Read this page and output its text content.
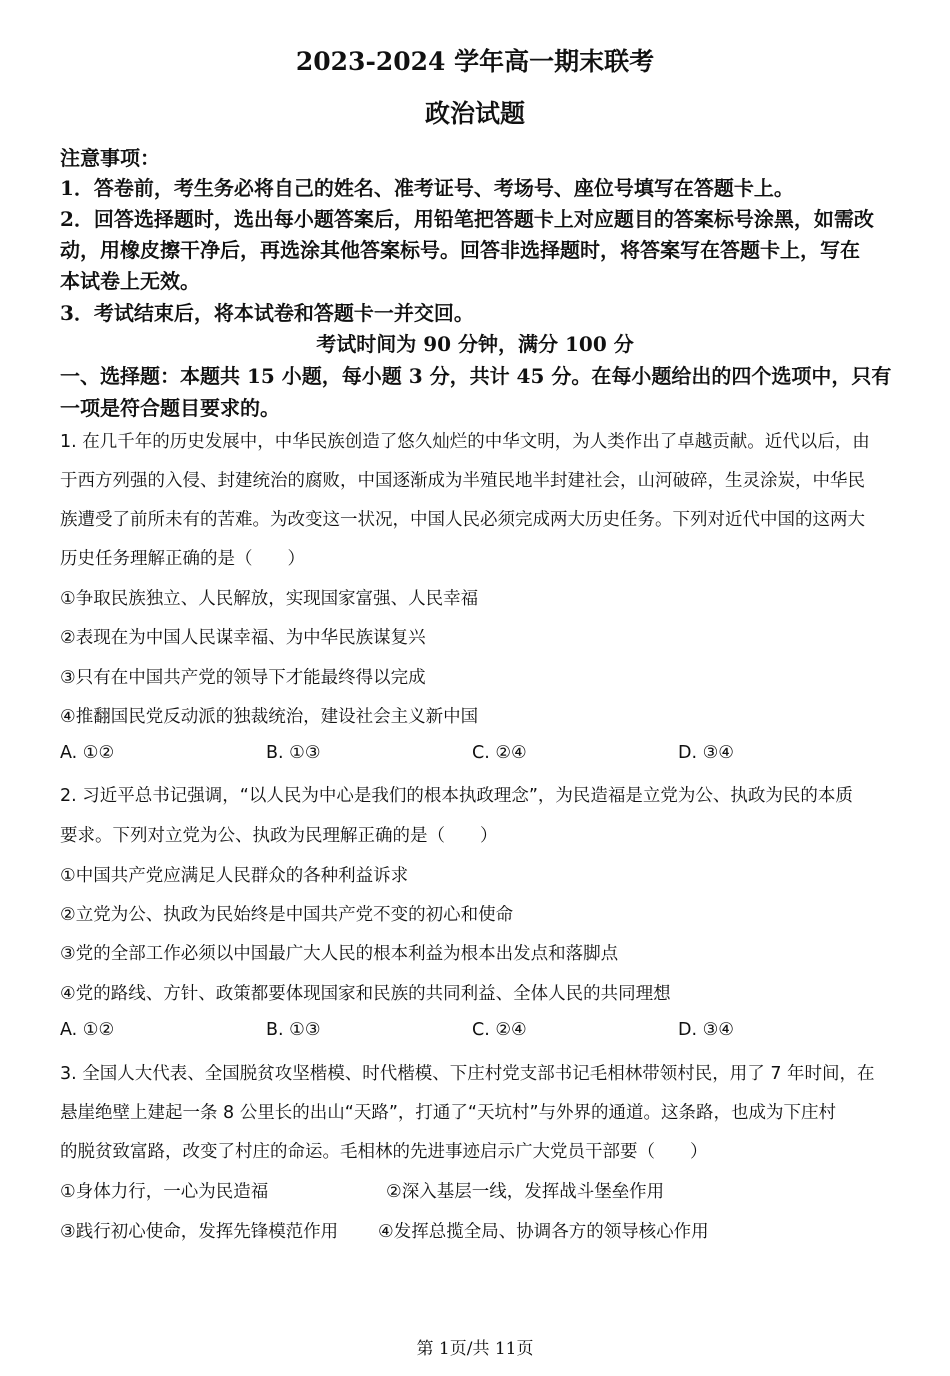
2023-2024 学年高一期末联考
政治试题
注意事项：
1．答卷前，考生务必将自己的姓名、准考证号、考场号、座位号填写在答题卡上。
2．回答选择题时，选出每小题答案后，用铅笔把答题卡上对应题目的答案标号涂黑，如需改
动，用橡皮擦干净后，再选涂其他答案标号。回答非选择题时，将答案写在答题卡上，写在
本试卷上无效。
3．考试结束后，将本试卷和答题卡一并交回。
考试时间为 90 分钟，满分 100 分
一、选择题：本题共 15 小题，每小题 3 分，共计 45 分。在每小题给出的四个选项中，只有
一项是符合题目要求的。
1. 在几千年的历史发展中，中华民族创造了悠久灿烂的中华文明，为人类作出了卓越贡献。近代以后，由
于西方列强的入侵、封建统治的腐败，中国逐渐成为半殖民地半封建社会，山河破碎，生灵涂炭，中华民
族遭受了前所未有的苦难。为改变这一状况，中国人民必须完成两大历史任务。下列对近代中国的这两大
历史任务理解正确的是（　　）
①争取民族独立、人民解放，实现国家富强、人民幸福
②表现在为中国人民谋幸福、为中华民族谋复兴
③只有在中国共产党的领导下才能最终得以完成
④推翻国民党反动派的独裁统治，建设社会主义新中国
A. ①②	B. ①③	C. ②④	D. ③④
2. 习近平总书记强调，“以人民为中心是我们的根本执政理念”，为民造福是立党为公、执政为民的本质
要求。下列对立党为公、执政为民理解正确的是（　　）
①中国共产党应满足人民群众的各种利益诉求
②立党为公、执政为民始终是中国共产党不变的初心和使命
③党的全部工作必须以中国最广大人民的根本利益为根本出发点和落脚点
④党的路线、方针、政策都要体现国家和民族的共同利益、全体人民的共同理想
A. ①②	B. ①③	C. ②④	D. ③④
3. 全国人大代表、全国脱贫攻坚楷模、时代楷模、下庄村党支部书记毛相林带领村民，用了 7 年时间，在
悬崖绝壁上建起一条 8 公里长的出山“天路”，打通了“天坑村”与外界的通道。这条路，也成为下庄村
的脱贫致富路，改变了村庄的命运。毛相林的先进事迹启示广大党员干部要（　　）
①身体力行，一心为民造福	②深入基层一线，发挥战斗堡垒作用
③践行初心使命，发挥先锋模范作用 ④发挥总揽全局、协调各方的领导核心作用
第 1页/共 11页
